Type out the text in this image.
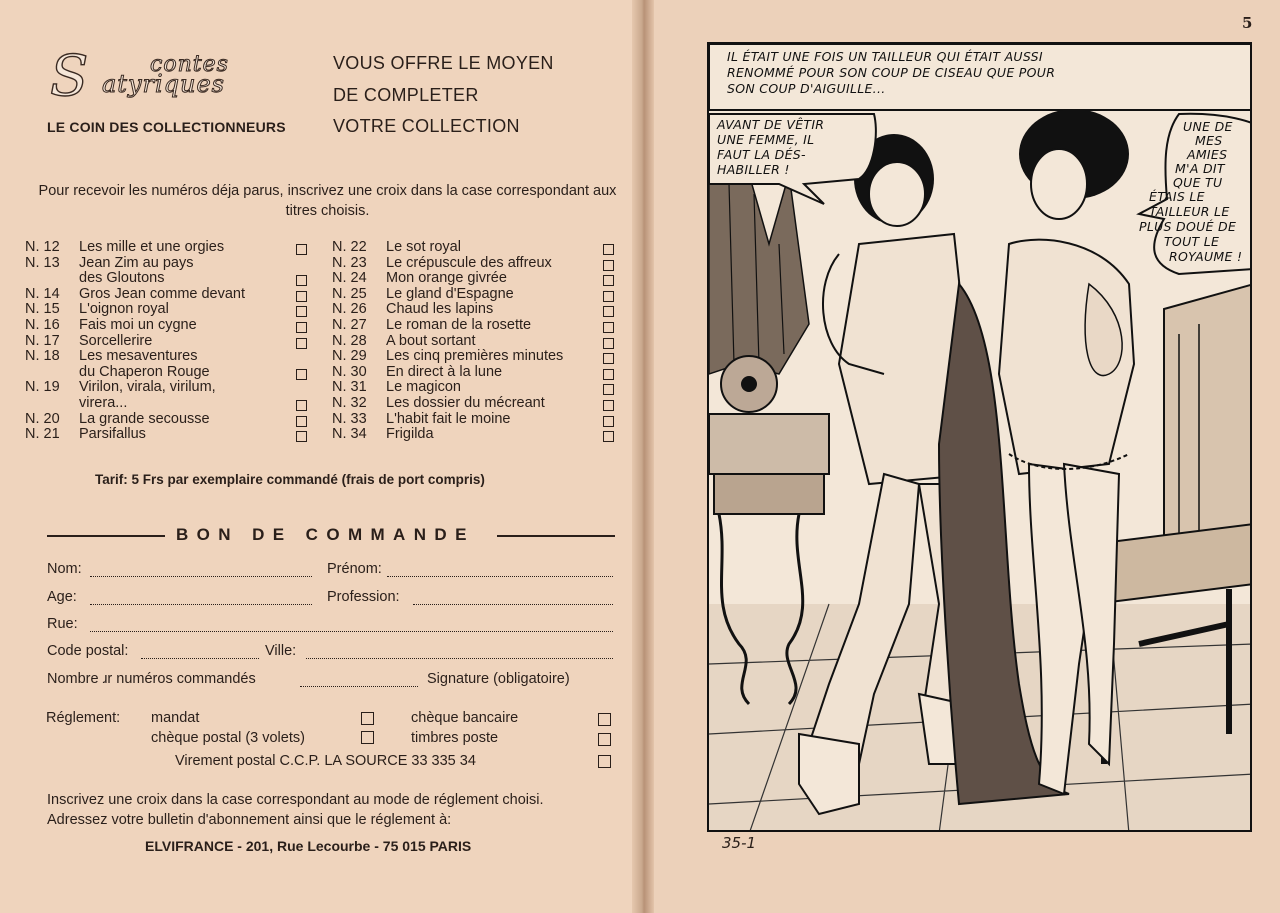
S	contes
atyriques
VOUS OFFRE LE MOYEN
DE COMPLETER
VOTRE COLLECTION
LE COIN DES COLLECTIONNEURS
Pour recevoir les numéros déja parus, inscrivez une croix dans la case correspondant aux titres choisis.
N. 12 Les mille et une orgies
N. 13 Jean Zim au pays
des Gloutons
N. 14 Gros Jean comme devant
N. 15 L'oignon royal
N. 16 Fais moi un cygne
N. 17 Sorcellerire
N. 18 Les mesaventures
du Chaperon Rouge
N. 19 Virilon, virala, virilum,
virera...
N. 20 La grande secousse
N. 21 Parsifallus
N. 22 Le sot royal
N. 23 Le crépuscule des affreux
N. 24 Mon orange givrée
N. 25 Le gland d'Espagne
N. 26 Chaud les lapins
N. 27 Le roman de la rosette
N. 28 A bout sortant
N. 29 Les cinq premières minutes
N. 30 En direct à la lune
N. 31 Le magicon
N. 32 Les dossier du mécreant
N. 33 L'habit fait le moine
N. 34 Frigilda
Tarif: 5 Frs par exemplaire commandé (frais de port compris)
BON DE COMMANDE
Nom:	Prénom:
Age:	Profession:
Rue:
Code postal:	Ville:
Nombre ɹr numéros commandés	Signature (obligatoire)
Réglement: mandat	chèque bancaire
chèque postal (3 volets)	timbres poste
Virement postal C.C.P. LA SOURCE 33 335 34
Inscrivez une croix dans la case correspondant au mode de réglement choisi.
Adressez votre bulletin d'abonnement ainsi que le réglement à:
ELVIFRANCE - 201, Rue Lecourbe - 75 015 PARIS
5
IL ÉTAIT UNE FOIS UN TAILLEUR QUI ÉTAIT AUSSI
RENOMMÉ POUR SON COUP DE CISEAU QUE POUR
SON COUP D'AIGUILLE...
AVANT DE VÊTIR
UNE FEMME, IL
FAUT LA DÉS-
HABILLER !
UNE DE
MES
AMIES
M'A DIT
QUE TU
ÉTAIS LE
TAILLEUR LE
PLUS DOUÉ DE
TOUT LE
ROYAUME !
35-1
